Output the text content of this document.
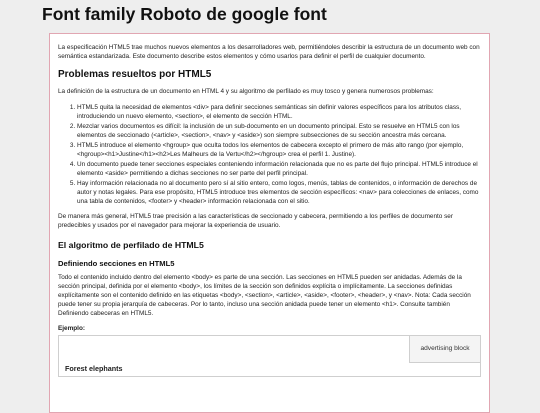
Font family Roboto de google font

La especificación HTML5 trae muchos nuevos elementos a los desarrolladores web, permitiéndoles describir la estructura de un documento web con semántica estandarizada. Este documento describe estos elementos y cómo usarlos para definir el perfil de cualquier documento.

Problemas resueltos por HTML5

La definición de la estructura de un documento en HTML 4 y su algoritmo de perfilado es muy tosco y genera numerosos problemas:

1. HTML5 quita la necesidad de elementos <div> para definir secciones semánticas sin definir valores específicos para los atributos class, introduciendo un nuevo elemento, <section>, el elemento de sección HTML.
2. Mezclar varios documentos es difícil: la inclusión de un sub-documento en un documento principal. Esto se resuelve en HTML5 con los elementos de seccionado (<article>, <section>, <nav> y <aside>) son siempre subsecciones de su sección ancestra más cercana.
3. HTML5 introduce el elemento <hgroup> que oculta todos los elementos de cabecera excepto el primero de más alto rango (por ejemplo, <hgroup><h1>Justine</h1><h2>Les Malheurs de la Vertu</h2></hgroup> crea el perfil 1. Justine).
4. Un documento puede tener secciones especiales conteniendo información relacionada que no es parte del flujo principal. HTML5 introduce el elemento <aside> permitiendo a dichas secciones no ser parte del perfil principal.
5. Hay información relacionada no al documento pero sí al sitio entero, como logos, menús, tablas de contenidos, o información de derechos de autor y notas legales. Para ese propósito, HTML5 introduce tres elementos de sección específicos: <nav> para colecciones de enlaces, como una tabla de contenidos, <footer> y <header> información relacionada con el sitio.

De manera más general, HTML5 trae precisión a las características de seccionado y cabecera, permitiendo a los perfiles de documento ser predecibles y usados por el navegador para mejorar la experiencia de usuario.

El algoritmo de perfilado de HTML5
Definiendo secciones en HTML5

Todo el contenido incluido dentro del elemento <body> es parte de una sección. Las secciones en HTML5 pueden ser anidadas. Además de la sección principal, definida por el elemento <body>, los límites de la sección son definidos explícita o implícitamente. La secciones definidas explícitamente son el contenido definido en las etiquetas <body>, <section>, <article>, <aside>, <footer>, <header>, y <nav>. Nota: Cada sección puede tener su propia jerarquía de cabeceras. Por lo tanto, incluso una sección anidada puede tener un elemento <h1>. Consulte también Definiendo cabeceras en HTML5.

Ejemplo:
Forest elephants
advertising block
